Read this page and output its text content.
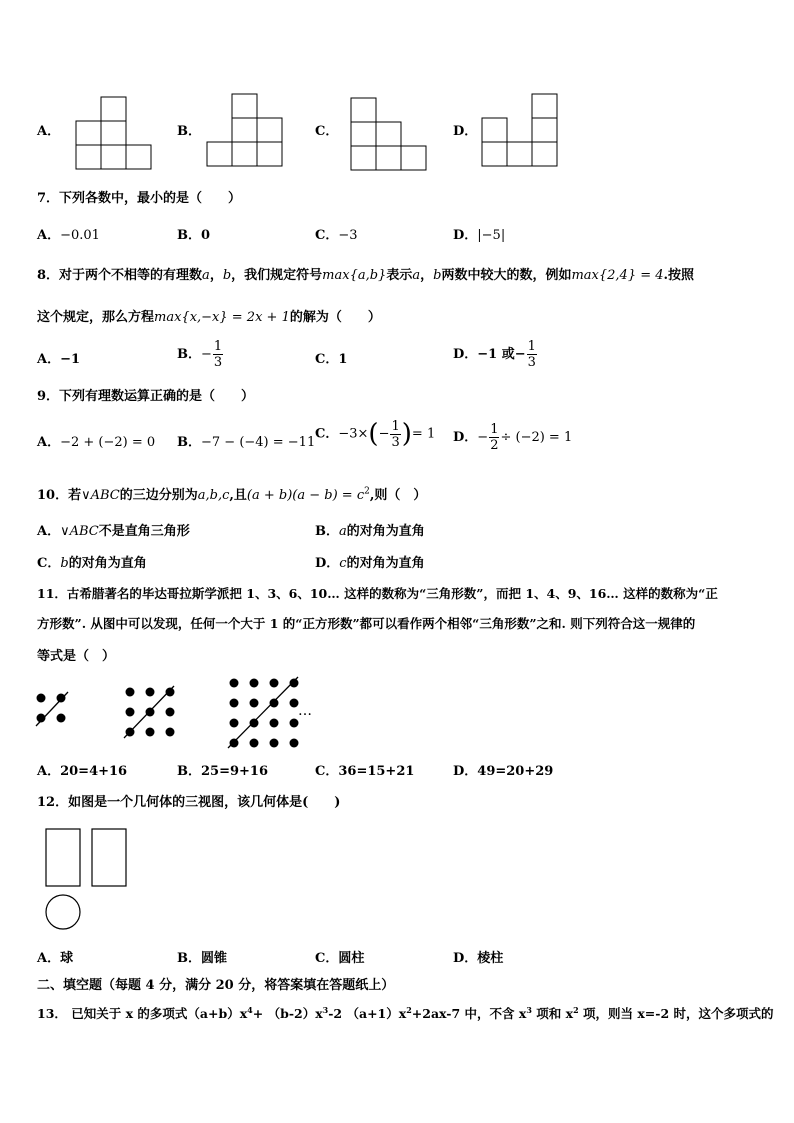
A．	B．	C．	D．
7．下列各数中，最小的是（　　）
A．−0.01	B．0	C．−3	D．|−5|
8．对于两个不相等的有理数a，b，我们规定符号max{a,b}表示a，b两数中较大的数，例如max{2,4} = 4.按照
这个规定，那么方程max{x,−x} = 2x + 1的解为（　　）
A．−1	B．− $\frac{1}{3}$	C．1	D．−1 或− $\frac{1}{3}$
9．下列有理数运算正确的是（　　）
A．−2 + (−2) = 0 B．−7 − (−4) = −11
C．$-3\times(- \frac{1}{3}$ )= 1 D．− $\frac{1}{2} \div (-2) = 1$
10．若∨ABC的三边分别为a,b,c,且$(a + b)(a - b) = c^2$,则（　）
A．∨ABC不是直角三角形	B．a的对角为直角
C．b的对角为直角	D．c的对角为直角
11．古希腊著名的毕达哥拉斯学派把 1、3、6、10… 这样的数称为“三角形数”，而把 1、4、9、16… 这样的数称为“正
方形数”. 从图中可以发现，任何一个大于 1 的“正方形数”都可以看作两个相邻“三角形数”之和. 则下列符合这一规律的
等式是（　）
…
A．20=4+16	B．25=9+16	C．36=15+21	D．49=20+29
12．如图是一个几何体的三视图，该几何体是(　　)
A．球	B．圆锥	C．圆柱	D．棱柱
二、填空题（每题 4 分，满分 20 分，将答案填在答题纸上）
13． 已知关于 x 的多项式$(a+b)x^4+ (b-2)x^3-2$ $(a+1)x^2+2ax-7$ 中，不含 $x^3$ 项和 $x^2$ 项，则当 x=-2 时，这个多项式的
